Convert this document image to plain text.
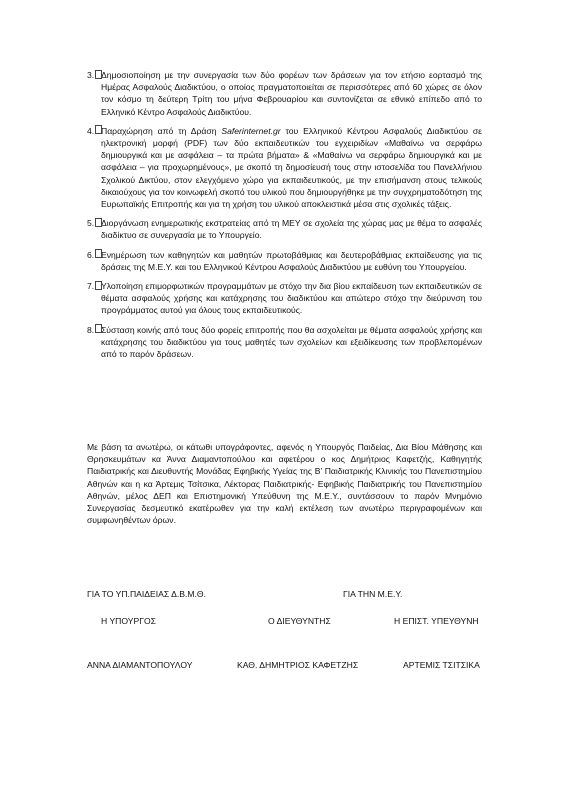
3. Δημοσιοποίηση με την συνεργασία των δύο φορέων των δράσεων για τον ετήσιο εορτασμό της Ημέρας Ασφαλούς Διαδικτύου, ο οποίος πραγματοποιείται σε περισσότερες από 60 χώρες σε όλον τον κόσμο τη δεύτερη Τρίτη του μήνα Φεβρουαρίου και συντονίζεται σε εθνικό επίπεδο από το Ελληνικό Κέντρο Ασφαλούς Διαδικτύου.
4. Παραχώρηση από τη Δράση Saferinternet.gr του Ελληνικού Κέντρου Ασφαλούς Διαδικτύου σε ηλεκτρονική μορφή (PDF) των δύο εκπαιδευτικών του εγχειριδίων «Μαθαίνω να σερφάρω δημιουργικά και με ασφάλεια – τα πρώτα βήματα» & «Μαθαίνω να σερφάρω δημιουργικά και με ασφάλεια – για προχωρημένους», με σκοπό τη δημοσίευσή τους στην ιστοσελίδα του Πανελλήνιου Σχολικού Δικτύου, στον ελεγχόμενο χώρο για εκπαιδευτικούς, με την επισήμανση στους τελικούς δικαιούχους για τον κοινωφελή σκοπό του υλικού που δημιουργήθηκε με την συγχρηματοδότηση της Ευρωπαϊκής Επιτροπής και για τη χρήση του υλικού αποκλειστικά μέσα στις σχολικές τάξεις.
5. Διοργάνωση ενημερωτικής εκστρατείας από τη ΜΕΥ σε σχολεία της χώρας μας με θέμα το ασφαλές διαδίκτυο σε συνεργασία με το Υπουργείο.
6. Ενημέρωση των καθηγητών και μαθητών πρωτοβάθμιας και δευτεροβάθμιας εκπαίδευσης για τις δράσεις της Μ.Ε.Υ. και του Ελληνικού Κέντρου Ασφαλούς Διαδικτύου με ευθύνη του Υπουργείου.
7. Υλοποίηση επιμορφωτικών προγραμμάτων με στόχο την δια βίου εκπαίδευση των εκπαιδευτικών σε θέματα ασφαλούς χρήσης και κατάχρησης του διαδικτύου και απώτερο στόχο την διεύρυνση του προγράμματος αυτού για όλους τους εκπαιδευτικούς.
8. Σύσταση κοινής από τους δύο φορείς επιτροπής που θα ασχολείται με θέματα ασφαλούς χρήσης και κατάχρησης του διαδικτύου για τους μαθητές των σχολείων και εξειδίκευσης των προβλεπομένων από το παρόν δράσεων.
Με βάση τα ανωτέρω, οι κάτωθι υπογράφοντες, αφενός η Υπουργός Παιδείας, Δια Βίου Μάθησης και Θρησκευμάτων κα Άννα Διαμαντοπούλου και αφετέρου ο κος Δημήτριος Καφετζής, Καθηγητής Παιδιατρικής και Διευθυντής Μονάδας Εφηβικής Υγείας της Β’ Παιδιατρικής Κλινικής του Πανεπιστημίου Αθηνών και η κα Άρτεμις Τσίτσικα, Λέκτορας Παιδιατρικής- Εφηβικής Παιδιατρικής του Πανεπιστημίου Αθηνών, μέλος ΔΕΠ και Επιστημονική Υπεύθυνη της Μ.Ε.Υ., συντάσσουν το παρόν Μνημόνιο Συνεργασίας δεσμευτικό εκατέρωθεν για την καλή εκτέλεση των ανωτέρω περιγραφομένων και συμφωνηθέντων όρων.
ΓΙΑ ΤΟ ΥΠ.ΠΑΙΔΕΙΑΣ Δ.Β.Μ.Θ.	ΓΙΑ ΤΗΝ Μ.Ε.Υ.
Η ΥΠΟΥΡΓΟΣ	Ο ΔΙΕΥΘΥΝΤΗΣ	Η ΕΠΙΣΤ. ΥΠΕΥΘΥΝΗ
ΑΝΝΑ ΔΙΑΜΑΝΤΟΠΟΥΛΟΥ	ΚΑΘ. ΔΗΜΗΤΡΙΟΣ ΚΑΦΕΤΖΗΣ	ΑΡΤΕΜΙΣ ΤΣΙΤΣΙΚΑ
